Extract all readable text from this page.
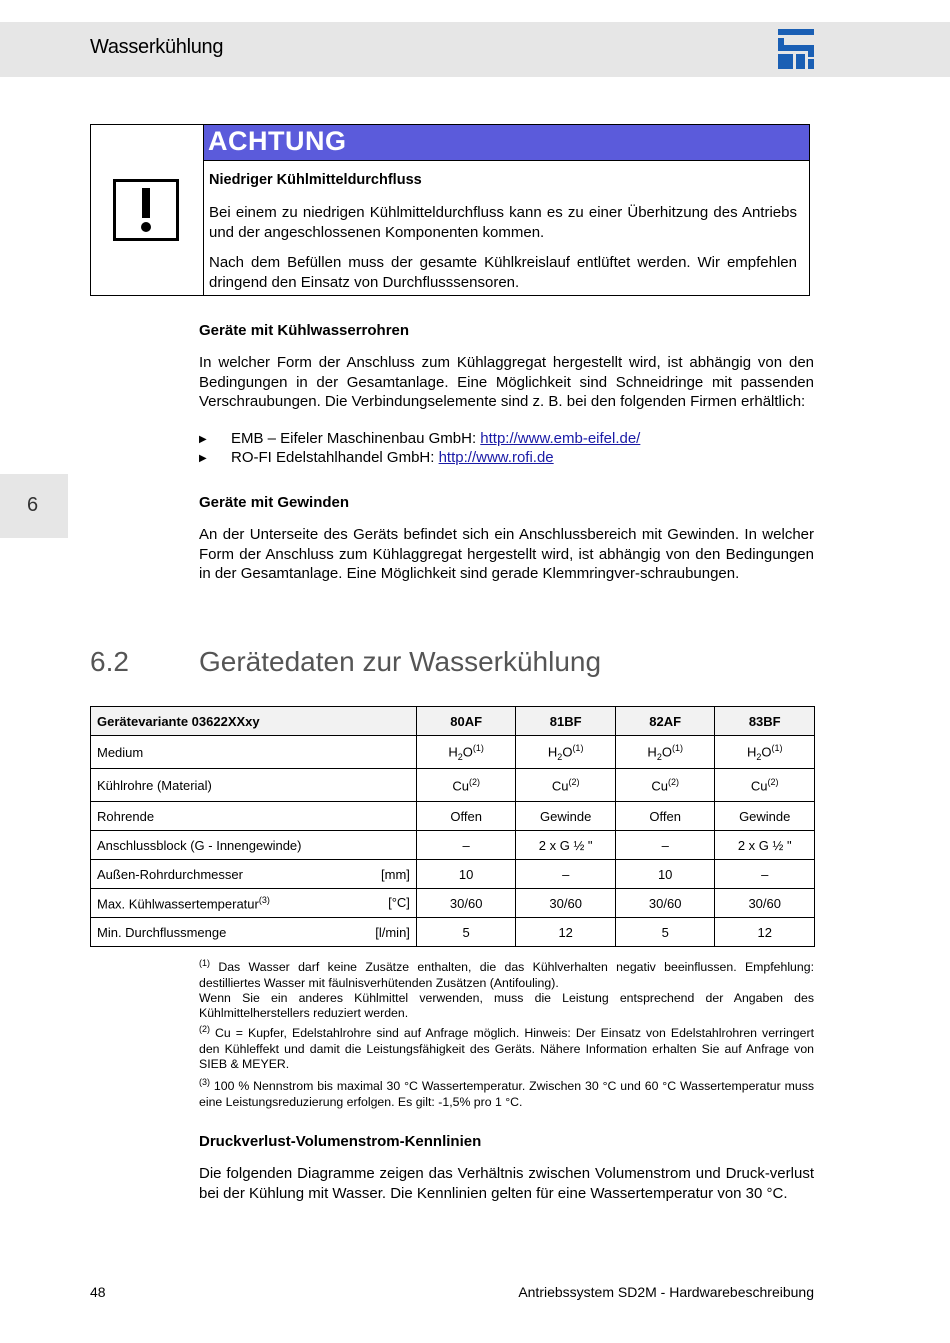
Wasserkühlung
6
ACHTUNG
Niedriger Kühlmitteldurchfluss
Bei einem zu niedrigen Kühlmitteldurchfluss kann es zu einer Überhitzung des Antriebs und der angeschlossenen Komponenten kommen.
Nach dem Befüllen muss der gesamte Kühlkreislauf entlüftet werden. Wir empfehlen dringend den Einsatz von Durchflusssensoren.
Geräte mit Kühlwasserrohren
In welcher Form der Anschluss zum Kühlaggregat hergestellt wird, ist abhängig von den Bedingungen in der Gesamtanlage. Eine Möglichkeit sind Schneidringe mit passenden Verschraubungen. Die Verbindungselemente sind z. B. bei den folgenden Firmen erhältlich:
▶ EMB – Eifeler Maschinenbau GmbH: http://www.emb-eifel.de/
▶ RO-FI Edelstahlhandel GmbH: http://www.rofi.de
Geräte mit Gewinden
An der Unterseite des Geräts befindet sich ein Anschlussbereich mit Gewinden. In welcher Form der Anschluss zum Kühlaggregat hergestellt wird, ist abhängig von den Bedingungen in der Gesamtanlage. Eine Möglichkeit sind gerade Klemmringver-schraubungen.
6.2	Gerätedaten zur Wasserkühlung
Gerätevariante 03622XXxy	80AF	81BF	82AF	83BF
Medium	$H_2O^{(1)}$	$H_2O^{(1)}$	$H_2O^{(1)}$	$H_2O^{(1)}$
Kühlrohre (Material)	Cu$^{(2)}$	Cu$^{(2)}$	Cu$^{(2)}$	Cu$^{(2)}$
Rohrende	Offen	Gewinde	Offen	Gewinde
Anschlussblock (G - Innengewinde)	–	2 x G ½ "	–	2 x G ½ "
Außen-Rohrdurchmesser [mm]	10	–	10	–
Max. Kühlwassertemperatur$^{(3)}$ [°C]	30/60	30/60	30/60	30/60
Min. Durchflussmenge [l/min]	5	12	5	12
$^{(1)}$ Das Wasser darf keine Zusätze enthalten, die das Kühlverhalten negativ beeinflussen. Empfehlung: destilliertes Wasser mit fäulnisverhütenden Zusätzen (Antifouling).
Wenn Sie ein anderes Kühlmittel verwenden, muss die Leistung entsprechend der Angaben des Kühlmittelherstellers reduziert werden.
$^{(2)}$ Cu = Kupfer, Edelstahlrohre sind auf Anfrage möglich. Hinweis: Der Einsatz von Edelstahlrohren verringert den Kühleffekt und damit die Leistungsfähigkeit des Geräts. Nähere Information erhalten Sie auf Anfrage von SIEB & MEYER.
$^{(3)}$ 100 % Nennstrom bis maximal 30 °C Wassertemperatur. Zwischen 30 °C und 60 °C Wassertemperatur muss eine Leistungsreduzierung erfolgen. Es gilt: -1,5% pro 1 °C.
Druckverlust-Volumenstrom-Kennlinien
Die folgenden Diagramme zeigen das Verhältnis zwischen Volumenstrom und Druck-verlust bei der Kühlung mit Wasser. Die Kennlinien gelten für eine Wassertemperatur von 30 °C.
48	Antriebssystem SD2M - Hardwarebeschreibung
